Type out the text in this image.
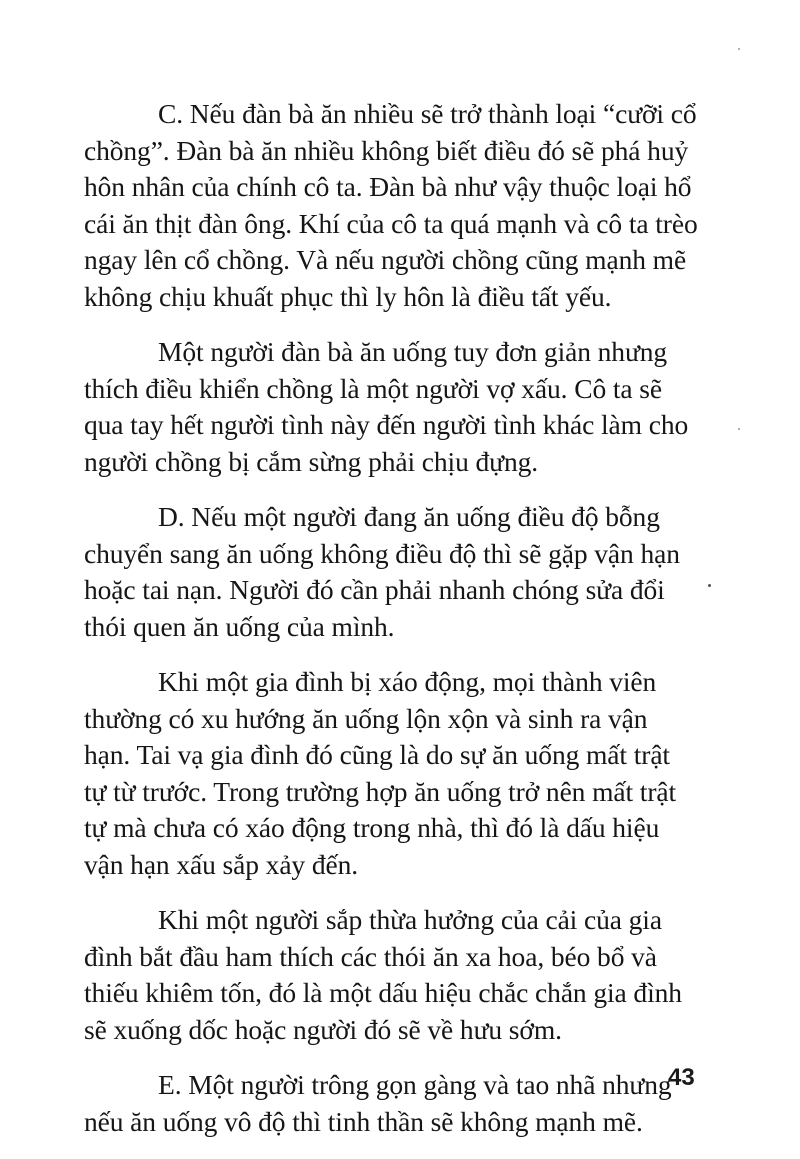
C. Nếu đàn bà ăn nhiều sẽ trở thành loại “cưỡi cổ
chồng”. Đàn bà ăn nhiều không biết điều đó sẽ phá huỷ
hôn nhân của chính cô ta. Đàn bà như vậy thuộc loại hổ
cái ăn thịt đàn ông. Khí của cô ta quá mạnh và cô ta trèo
ngay lên cổ chồng. Và nếu người chồng cũng mạnh mẽ
không chịu khuất phục thì ly hôn là điều tất yếu.

Một người đàn bà ăn uống tuy đơn giản nhưng
thích điều khiển chồng là một người vợ xấu. Cô ta sẽ
qua tay hết người tình này đến người tình khác làm cho
người chồng bị cắm sừng phải chịu đựng.

D. Nếu một người đang ăn uống điều độ bỗng
chuyển sang ăn uống không điều độ thì sẽ gặp vận hạn
hoặc tai nạn. Người đó cần phải nhanh chóng sửa đổi
thói quen ăn uống của mình.

Khi một gia đình bị xáo động, mọi thành viên
thường có xu hướng ăn uống lộn xộn và sinh ra vận
hạn. Tai vạ gia đình đó cũng là do sự ăn uống mất trật
tự từ trước. Trong trường hợp ăn uống trở nên mất trật
tự mà chưa có xáo động trong nhà, thì đó là dấu hiệu
vận hạn xấu sắp xảy đến.

Khi một người sắp thừa hưởng của cải của gia
đình bắt đầu ham thích các thói ăn xa hoa, béo bổ và
thiếu khiêm tốn, đó là một dấu hiệu chắc chắn gia đình
sẽ xuống dốc hoặc người đó sẽ về hưu sớm.

E. Một người trông gọn gàng và tao nhã nhưng
nếu ăn uống vô độ thì tinh thần sẽ không mạnh mẽ.

43
